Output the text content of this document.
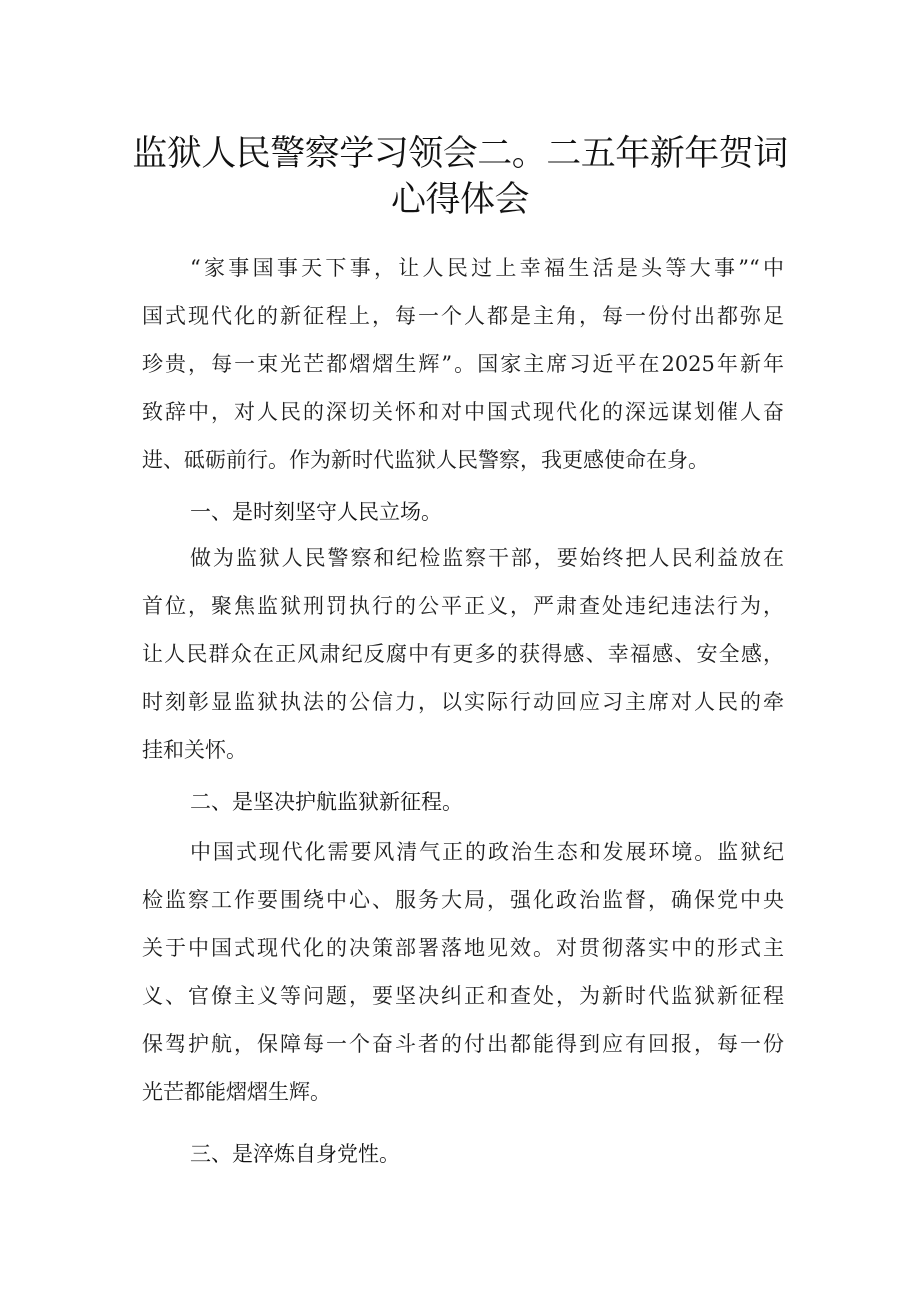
监狱人民警察学习领会二。二五年新年贺词
心得体会
“家事国事天下事，让人民过上幸福生活是头等大事”“中
国式现代化的新征程上，每一个人都是主角，每一份付出都弥足
珍贵，每一束光芒都熠熠生辉”。国家主席习近平在2025年新年
致辞中，对人民的深切关怀和对中国式现代化的深远谋划催人奋
进、砥砺前行。作为新时代监狱人民警察，我更感使命在身。
一、是时刻坚守人民立场。
做为监狱人民警察和纪检监察干部，要始终把人民利益放在
首位，聚焦监狱刑罚执行的公平正义，严肃查处违纪违法行为，
让人民群众在正风肃纪反腐中有更多的获得感、幸福感、安全感，
时刻彰显监狱执法的公信力，以实际行动回应习主席对人民的牵
挂和关怀。
二、是坚决护航监狱新征程。
中国式现代化需要风清气正的政治生态和发展环境。监狱纪
检监察工作要围绕中心、服务大局，强化政治监督，确保党中央
关于中国式现代化的决策部署落地见效。对贯彻落实中的形式主
义、官僚主义等问题，要坚决纠正和查处，为新时代监狱新征程
保驾护航，保障每一个奋斗者的付出都能得到应有回报，每一份
光芒都能熠熠生辉。
三、是淬炼自身党性。
